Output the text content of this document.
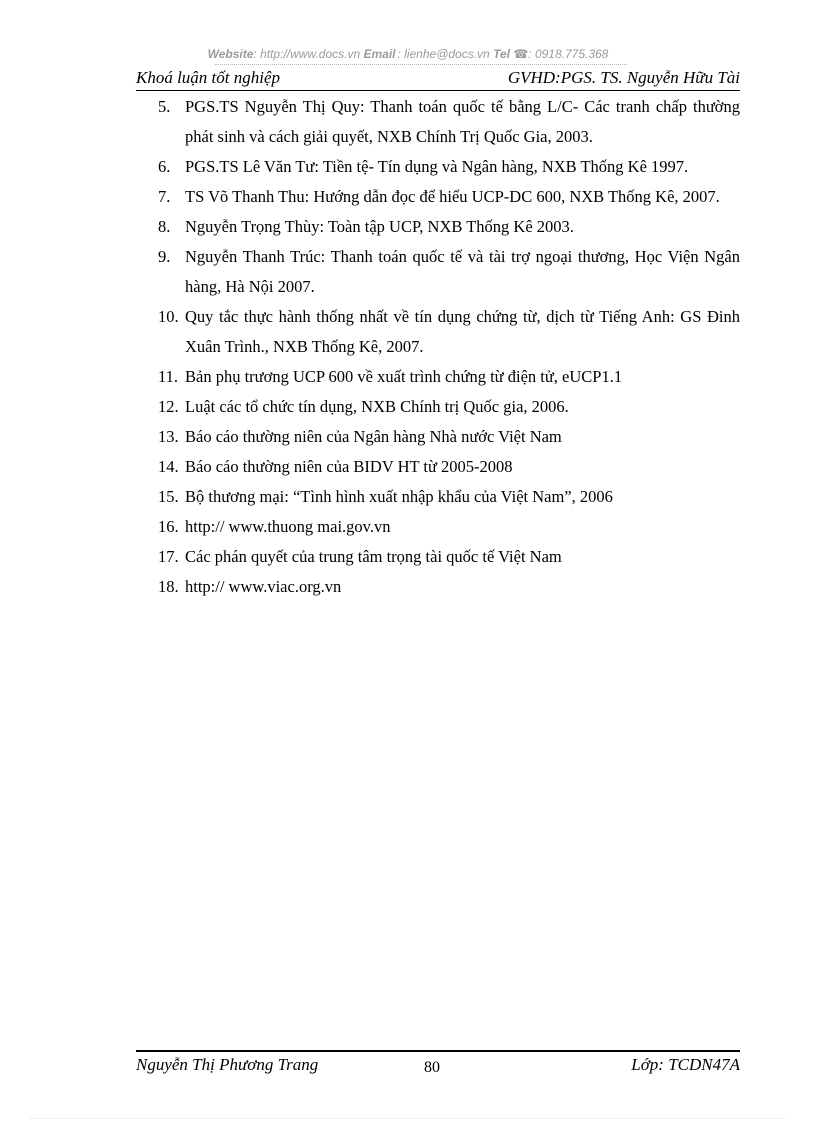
Website: http://www.docs.vn Email : lienhe@docs.vn Tel ☎: 0918.775.368
Khoá luận tốt nghiệp	GVHD:PGS. TS. Nguyễn Hữu Tài
5. PGS.TS Nguyễn Thị Quy: Thanh toán quốc tế bằng L/C- Các tranh chấp thường phát sinh và cách giải quyết, NXB Chính Trị Quốc Gia, 2003.
6. PGS.TS Lê Văn Tư: Tiền tệ- Tín dụng và Ngân hàng, NXB Thống Kê 1997.
7. TS Võ Thanh Thu: Hướng dẫn đọc để hiểu UCP-DC 600, NXB Thống Kê, 2007.
8. Nguyễn Trọng Thùy: Toàn tập UCP, NXB Thống Kê 2003.
9. Nguyễn Thanh Trúc: Thanh toán quốc tế và tài trợ ngoại thương, Học Viện Ngân hàng, Hà Nội 2007.
10. Quy tắc thực hành thống nhất về tín dụng chứng từ, dịch từ Tiếng Anh: GS Đinh Xuân Trình., NXB Thống Kê, 2007.
11. Bản phụ trương UCP 600 về xuất trình chứng từ điện tử, eUCP1.1
12. Luật các tổ chức tín dụng, NXB Chính trị Quốc gia, 2006.
13. Báo cáo thường niên của Ngân hàng Nhà nước Việt Nam
14. Báo cáo thường niên của BIDV HT từ 2005-2008
15. Bộ thương mại: “Tình hình xuất nhập khẩu của Việt Nam”, 2006
16. http:// www.thuong mai.gov.vn
17. Các phán quyết của trung tâm trọng tài quốc tế Việt Nam
18. http:// www.viac.org.vn
Nguyễn Thị Phương Trang	80	Lớp: TCDN47A
